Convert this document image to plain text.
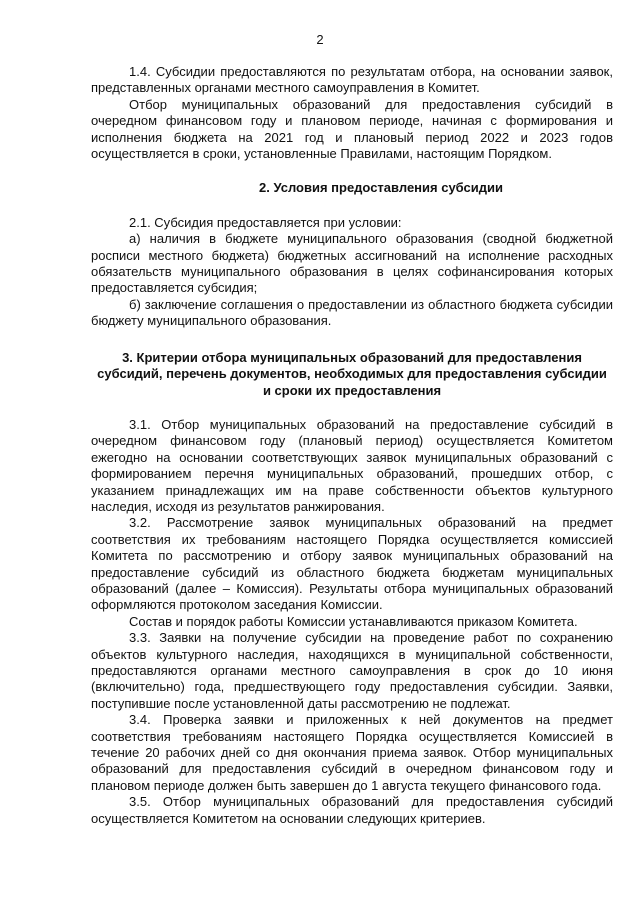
2

1.4. Субсидии предоставляются по результатам отбора, на основании заявок, представленных органами местного самоуправления в Комитет.

Отбор муниципальных образований для предоставления субсидий в очередном финансовом году и плановом периоде, начиная с формирования и исполнения бюджета на 2021 год и плановый период 2022 и 2023 годов осуществляется в сроки, установленные Правилами, настоящим Порядком.

2. Условия предоставления субсидии

2.1. Субсидия предоставляется при условии:

а) наличия в бюджете муниципального образования (сводной бюджетной росписи местного бюджета) бюджетных ассигнований на исполнение расходных обязательств муниципального образования в целях софинансирования которых предоставляется субсидия;

б) заключение соглашения о предоставлении из областного бюджета субсидии бюджету муниципального образования.

3. Критерии отбора муниципальных образований для предоставления субсидий, перечень документов, необходимых для предоставления субсидии и сроки их предоставления

3.1. Отбор муниципальных образований на предоставление субсидий в очередном финансовом году (плановый период) осуществляется Комитетом ежегодно на основании соответствующих заявок муниципальных образований с формированием перечня муниципальных образований, прошедших отбор, с указанием принадлежащих им на праве собственности объектов культурного наследия, исходя из результатов ранжирования.

3.2. Рассмотрение заявок муниципальных образований на предмет соответствия их требованиям настоящего Порядка осуществляется комиссией Комитета по рассмотрению и отбору заявок муниципальных образований на предоставление субсидий из областного бюджета бюджетам муниципальных образований (далее – Комиссия). Результаты отбора муниципальных образований оформляются протоколом заседания Комиссии.

Состав и порядок работы Комиссии устанавливаются приказом Комитета.

3.3. Заявки на получение субсидии на проведение работ по сохранению объектов культурного наследия, находящихся в муниципальной собственности, предоставляются органами местного самоуправления в срок до 10 июня (включительно) года, предшествующего году предоставления субсидии. Заявки, поступившие после установленной даты рассмотрению не подлежат.

3.4. Проверка заявки и приложенных к ней документов на предмет соответствия требованиям настоящего Порядка осуществляется Комиссией в течение 20 рабочих дней со дня окончания приема заявок. Отбор муниципальных образований для предоставления субсидий в очередном финансовом году и плановом периоде должен быть завершен до 1 августа текущего финансового года.

3.5. Отбор муниципальных образований для предоставления субсидий осуществляется Комитетом на основании следующих критериев.
